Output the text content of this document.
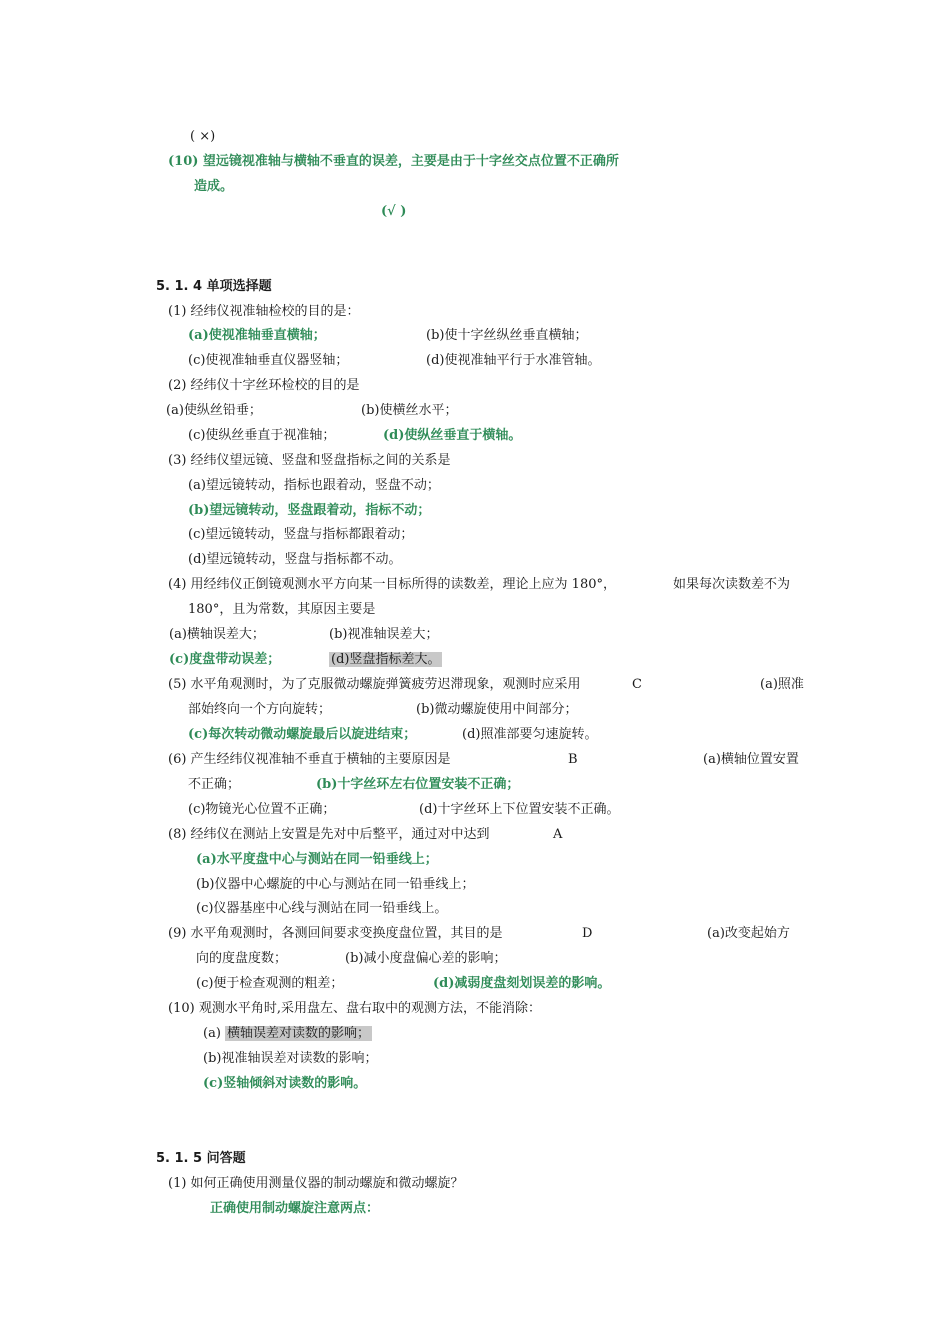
( ×)
(10) 望远镜视准轴与横轴不垂直的误差，主要是由于十字丝交点位置不正确所
造成。
(√ )
5. 1. 4 单项选择题
(1) 经纬仪视准轴检校的目的是：
(a)使视准轴垂直横轴；	(b)使十字丝纵丝垂直横轴；
(c)使视准轴垂直仪器竖轴；	(d)使视准轴平行于水准管轴。
(2) 经纬仪十字丝环检校的目的是
(a)使纵丝铅垂；	(b)使横丝水平；
(c)使纵丝垂直于视准轴；	(d)使纵丝垂直于横轴。
(3) 经纬仪望远镜、竖盘和竖盘指标之间的关系是
(a)望远镜转动，指标也跟着动，竖盘不动；
(b)望远镜转动，竖盘跟着动，指标不动；
(c)望远镜转动，竖盘与指标都跟着动；
(d)望远镜转动，竖盘与指标都不动。
(4) 用经纬仪正倒镜观测水平方向某一目标所得的读数差，理论上应为 180°，	如果每次读数差不为
180°，且为常数，其原因主要是
(a)横轴误差大；	(b)视准轴误差大；
(c)度盘带动误差；	(d)竖盘指标差大。
(5) 水平角观测时，为了克服微动螺旋弹簧疲劳迟滞现象，观测时应采用	C	(a)照准
部始终向一个方向旋转；	(b)微动螺旋使用中间部分；
(c)每次转动微动螺旋最后以旋进结束；	(d)照准部要匀速旋转。
(6) 产生经纬仪视准轴不垂直于横轴的主要原因是	B	(a)横轴位置安置
不正确；	(b)十字丝环左右位置安装不正确；
(c)物镜光心位置不正确；	(d)十字丝环上下位置安装不正确。
(8) 经纬仪在测站上安置是先对中后整平，通过对中达到	A
(a)水平度盘中心与测站在同一铅垂线上；
(b)仪器中心螺旋的中心与测站在同一铅垂线上；
(c)仪器基座中心线与测站在同一铅垂线上。
(9) 水平角观测时，各测回间要求变换度盘位置，其目的是	D	(a)改变起始方
向的度盘度数；	(b)减小度盘偏心差的影响；
(c)便于检查观测的粗差；	(d)减弱度盘刻划误差的影响。
(10) 观测水平角时,采用盘左、盘右取中的观测方法，不能消除：
(a) 横轴误差对读数的影响；
(b)视准轴误差对读数的影响；
(c)竖轴倾斜对读数的影响。
5. 1. 5 问答题
(1) 如何正确使用测量仪器的制动螺旋和微动螺旋？
正确使用制动螺旋注意两点：
